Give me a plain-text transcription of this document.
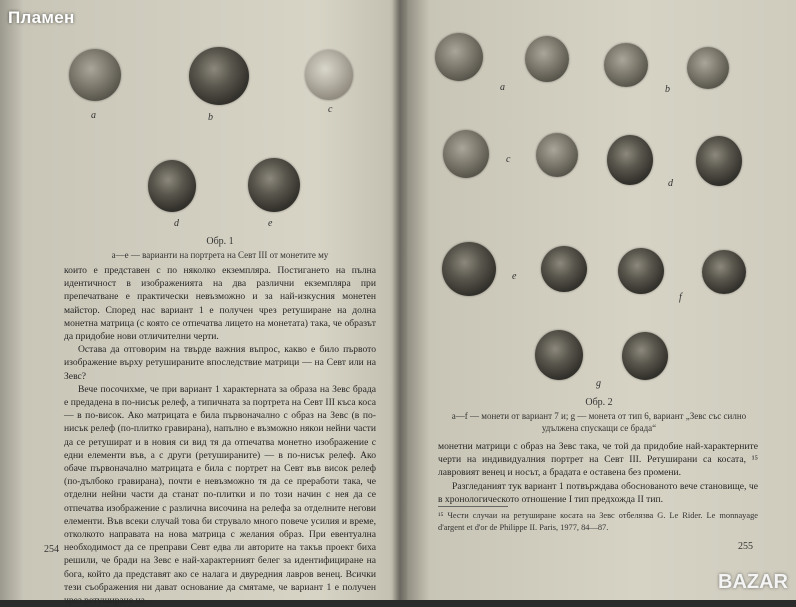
a	b
c
d	e
Обр. 1
а—е — варианти на портрета на Севт III от монетите му

които е представен с по няколко екземпляра. Постигането на пълна идентичност в изображенията на два различни екземпляра при препечатване е практически невъзможно и за най-изкусния монетен майстор. Според нас вариант 1 е получен чрез ретуширане на долна монетна матрица (с която се отпечатва лицето на монетата) така, че образът да придобие нови отличителни черти.

Остава да отговорим на твърде важния въпрос, какво е било първото изображение върху ретушираните впоследствие матрици — на Севт или на Зевс?

Вече посочихме, че при вариант 1 характерната за образа на Зевс брада е предадена в по-нисък релеф, а типичната за портрета на Севт III къса коса — в по-висок. Ако матрицата е била първоначално с образ на Зевс (в по-нисък релеф (по-плитко гравирана), напълно е възможно някои нейни части да се ретушират и в новия си вид тя да отпечатва монетно изображение с едни елементи във, а с други (ретушираните) — в по-нисък релеф. Ако обаче първоначално матрицата е била с портрет на Севт във висок релеф (по-дълбоко гравирана), почти е невъзможно тя да се преработи така, че отделни нейни части да станат по-плитки и по този начин с нея да се отпечатва изображение с различна височина на релефа за отделните негови елементи. Във всеки случай това би струвало много повече усилия и време, отколкото направата на нова матрица с желания образ. При евентуална необходимост да се преправи Севт едва ли авторите на такъв проект биха решили, че бради на Зевс е най-характерният белег за идентифициране на бога, който да представят ако се налага и двуредния лавров венец. Всички тези съображения ни дават основание да смятаме, че вариант 1 е получен чрез ретуширане на

254
a	b
c
d
e
f
g
Обр. 2
а—f — монети от вариант 7 и; g — монета от тип 6, вариант „Зевс със силно удължена спускащи се брада“

монетни матрици с образ на Зевс така, че той да придобие най-характерните черти на индивидуалния портрет на Севт III. Ретуширани са косата, ¹⁵ лавровият венец и носът, а брадата е оставена без промени.

Разгледаният тук вариант 1 потвърждава обоснованото вече становище, че в хронологическото отношение I тип предхожда II тип.

¹⁵ Чести случаи на ретуширане косата на Зевс отбелязва G. Le Rider. Le monnayage d'argent et d'or de Philippe II. Paris, 1977, 84—87.
255
Пламен
BAZAR
